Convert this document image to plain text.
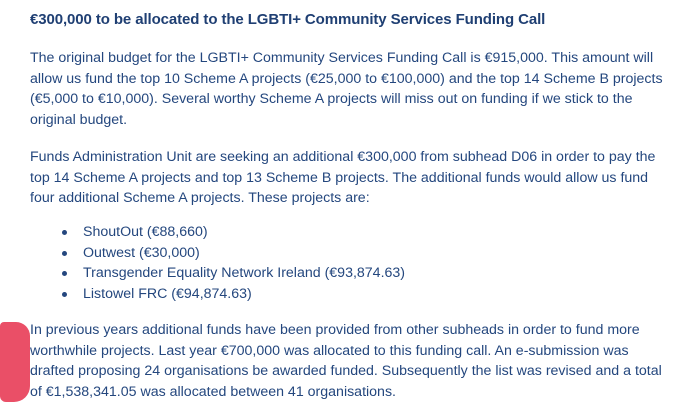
€300,000 to be allocated to the LGBTI+ Community Services Funding Call

The original budget for the LGBTI+ Community Services Funding Call is €915,000. This amount will
allow us fund the top 10 Scheme A projects (€25,000 to €100,000) and the top 14 Scheme B projects
(€5,000 to €10,000). Several worthy Scheme A projects will miss out on funding if we stick to the
original budget.

Funds Administration Unit are seeking an additional €300,000 from subhead D06 in order to pay the
top 14 Scheme A projects and top 13 Scheme B projects. The additional funds would allow us fund
four additional Scheme A projects. These projects are:

ShoutOut (€88,660)
Outwest (€30,000)
Transgender Equality Network Ireland (€93,874.63)
Listowel FRC (€94,874.63)

In previous years additional funds have been provided from other subheads in order to fund more
worthwhile projects. Last year €700,000 was allocated to this funding call. An e-submission was
drafted proposing 24 organisations be awarded funded. Subsequently the list was revised and a total
of €1,538,341.05 was allocated between 41 organisations.
